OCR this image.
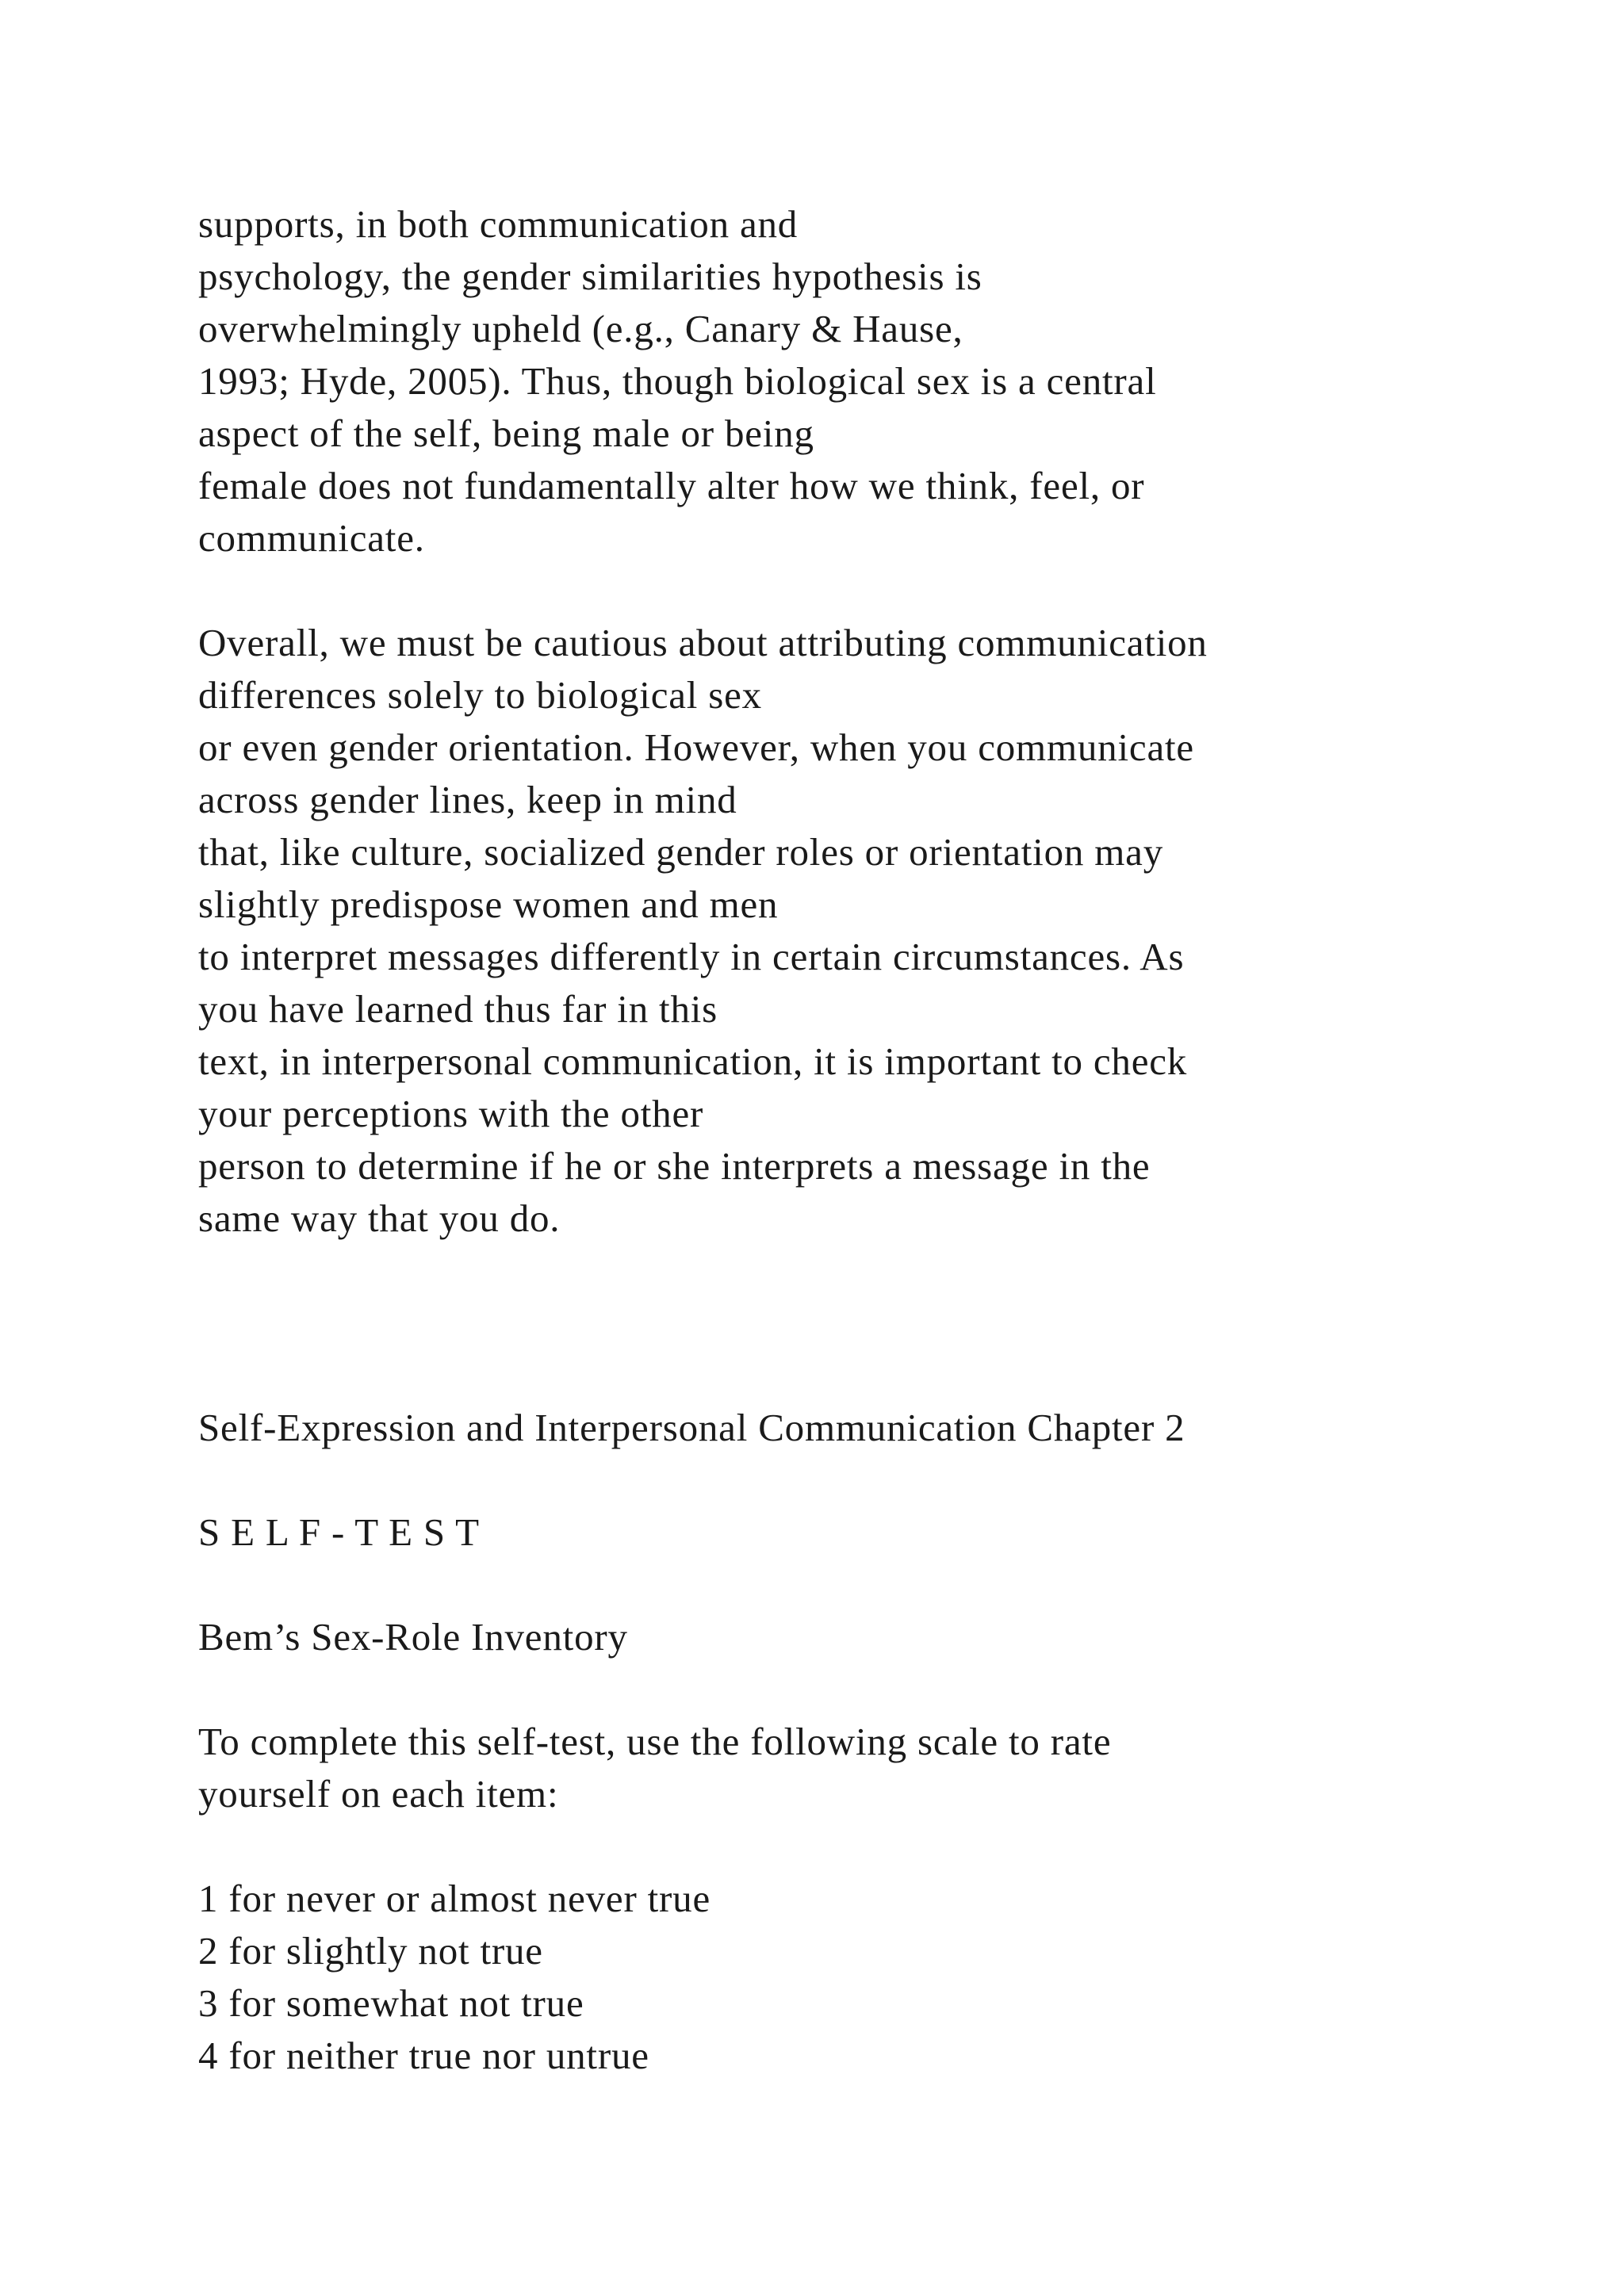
supports, in both communication and
psychology, the gender similarities hypothesis is
overwhelmingly upheld (e.g., Canary & Hause,
1993; Hyde, 2005). Thus, though biological sex is a central
aspect of the self, being male or being
female does not fundamentally alter how we think, feel, or
communicate.
Overall, we must be cautious about attributing communication
differences solely to biological sex
or even gender orientation. However, when you communicate
across gender lines, keep in mind
that, like culture, socialized gender roles or orientation may
slightly predispose women and men
to interpret messages differently in certain circumstances. As
you have learned thus far in this
text, in interpersonal communication, it is important to check
your perceptions with the other
person to determine if he or she interprets a message in the
same way that you do.
Self-Expression and Interpersonal Communication Chapter 2
S E L F - T E S T
Bem’s Sex-Role Inventory
To complete this self-test, use the following scale to rate
yourself on each item:
1 for never or almost never true
2 for slightly not true
3 for somewhat not true
4 for neither true nor untrue
